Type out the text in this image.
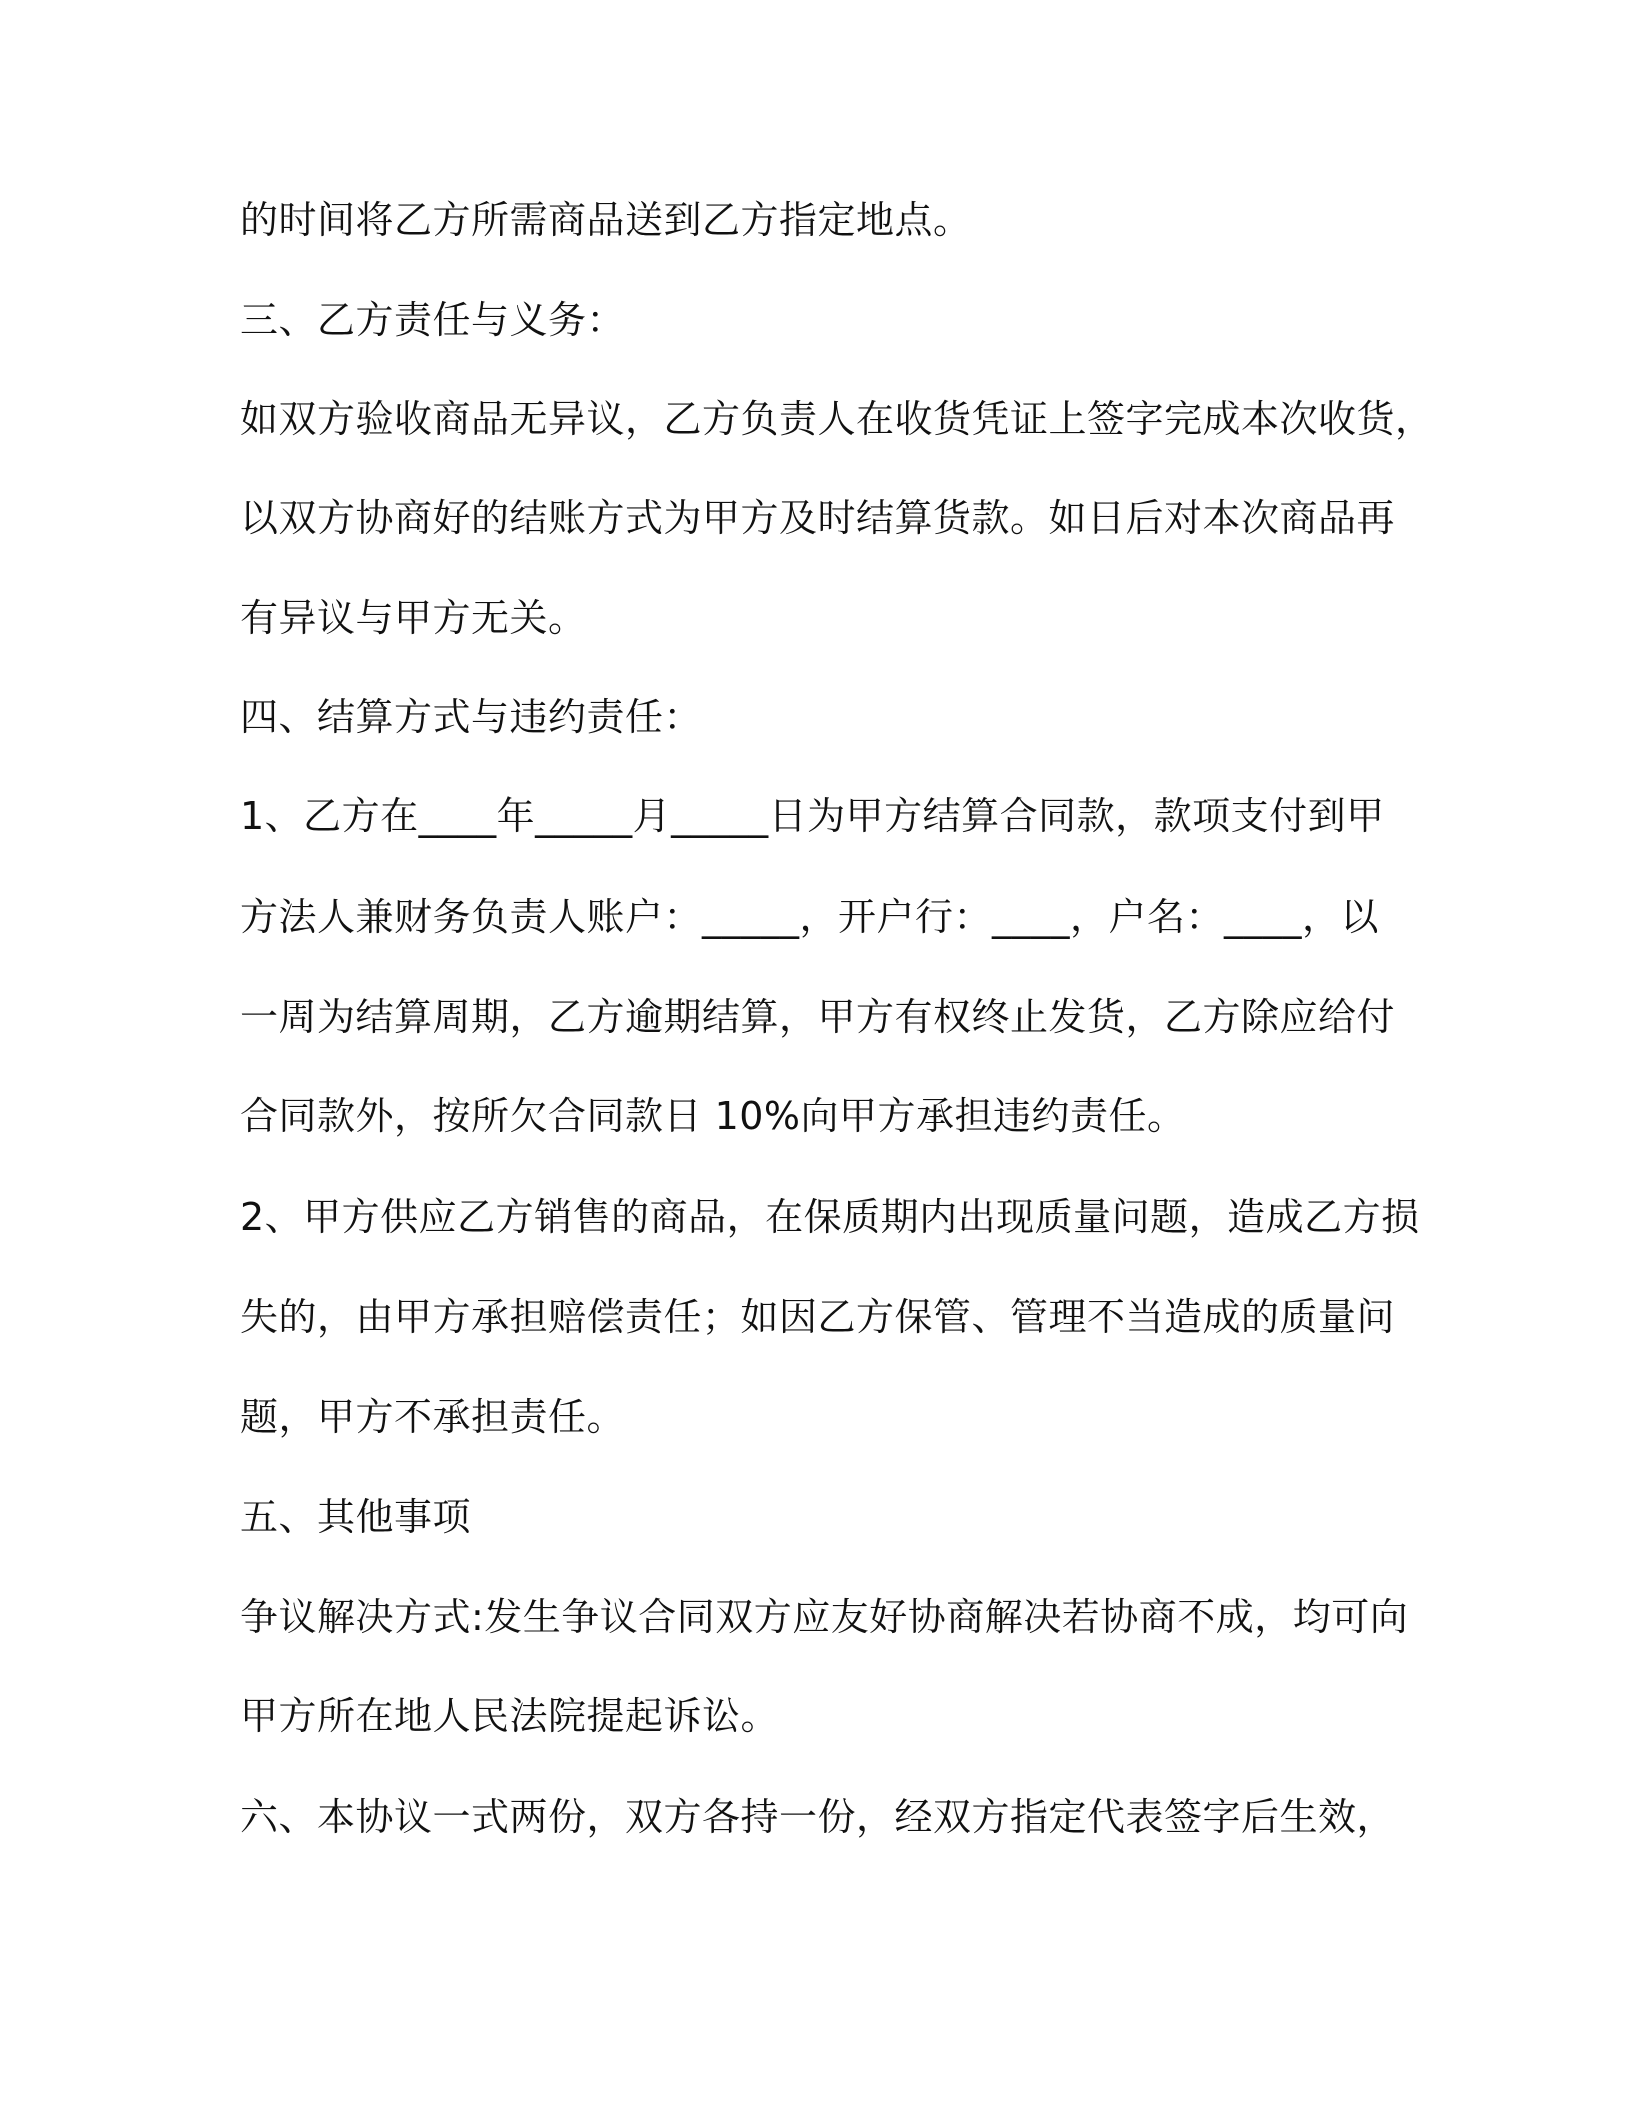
的时间将乙方所需商品送到乙方指定地点。
三、乙方责任与义务：
如双方验收商品无异议，乙方负责人在收货凭证上签字完成本次收货，
以双方协商好的结账方式为甲方及时结算货款。如日后对本次商品再
有异议与甲方无关。
四、结算方式与违约责任：
1、乙方在____年_____月_____日为甲方结算合同款，款项支付到甲
方法人兼财务负责人账户：_____，开户行：____，户名：____，以
一周为结算周期，乙方逾期结算，甲方有权终止发货，乙方除应给付
合同款外，按所欠合同款日 10%向甲方承担违约责任。
2、甲方供应乙方销售的商品，在保质期内出现质量问题，造成乙方损
失的，由甲方承担赔偿责任；如因乙方保管、管理不当造成的质量问
题，甲方不承担责任。
五、其他事项
争议解决方式:发生争议合同双方应友好协商解决若协商不成，均可向
甲方所在地人民法院提起诉讼。
六、本协议一式两份，双方各持一份，经双方指定代表签字后生效，
